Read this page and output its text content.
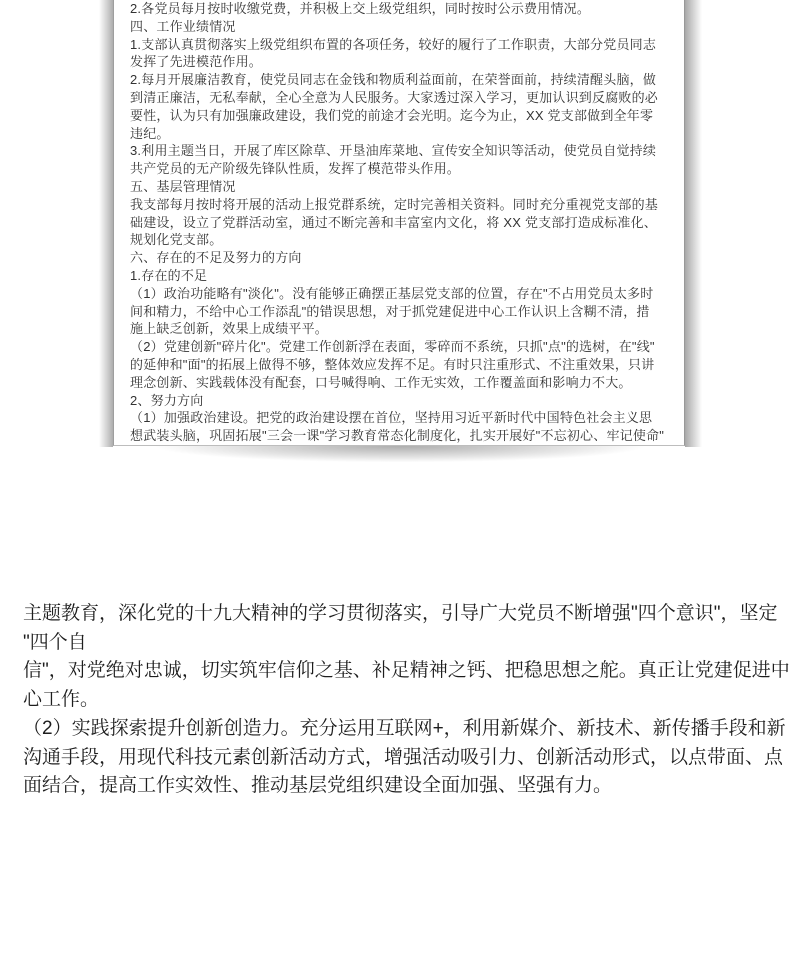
2.各党员每月按时收缴党费，并积极上交上级党组织，同时按时公示费用情况。
四、工作业绩情况
1.支部认真贯彻落实上级党组织布置的各项任务，较好的履行了工作职责，大部分党员同志
发挥了先进模范作用。
2.每月开展廉洁教育，使党员同志在金钱和物质利益面前，在荣誉面前，持续清醒头脑，做
到清正廉洁，无私奉献，全心全意为人民服务。大家透过深入学习，更加认识到反腐败的必
要性，认为只有加强廉政建设，我们党的前途才会光明。迄今为止，XX 党支部做到全年零
违纪。
3.利用主题当日，开展了库区除草、开垦油库菜地、宣传安全知识等活动，使党员自觉持续
共产党员的无产阶级先锋队性质，发挥了模范带头作用。
五、基层管理情况
我支部每月按时将开展的活动上报党群系统，定时完善相关资料。同时充分重视党支部的基
础建设，设立了党群活动室，通过不断完善和丰富室内文化，将 XX 党支部打造成标准化、
规划化党支部。
六、存在的不足及努力的方向
1.存在的不足
（1）政治功能略有"淡化"。没有能够正确摆正基层党支部的位置，存在"不占用党员太多时
间和精力，不给中心工作添乱"的错误思想，对于抓党建促进中心工作认识上含糊不清，措
施上缺乏创新，效果上成绩平平。
（2）党建创新"碎片化"。党建工作创新浮在表面，零碎而不系统，只抓"点"的选树，在"线"
的延伸和"面"的拓展上做得不够，整体效应发挥不足。有时只注重形式、不注重效果，只讲
理念创新、实践载体没有配套，口号喊得响、工作无实效，工作覆盖面和影响力不大。
2、努力方向
（1）加强政治建设。把党的政治建设摆在首位，坚持用习近平新时代中国特色社会主义思
想武装头脑，巩固拓展"三会一课"学习教育常态化制度化，扎实开展好"不忘初心、牢记使命"
主题教育，深化党的十九大精神的学习贯彻落实，引导广大党员不断增强"四个意识"，坚定
"四个自
信"，对党绝对忠诚，切实筑牢信仰之基、补足精神之钙、把稳思想之舵。真正让党建促进中
心工作。
（2）实践探索提升创新创造力。充分运用互联网+，利用新媒介、新技术、新传播手段和新
沟通手段，用现代科技元素创新活动方式，增强活动吸引力、创新活动形式，以点带面、点
面结合，提高工作实效性、推动基层党组织建设全面加强、坚强有力。
